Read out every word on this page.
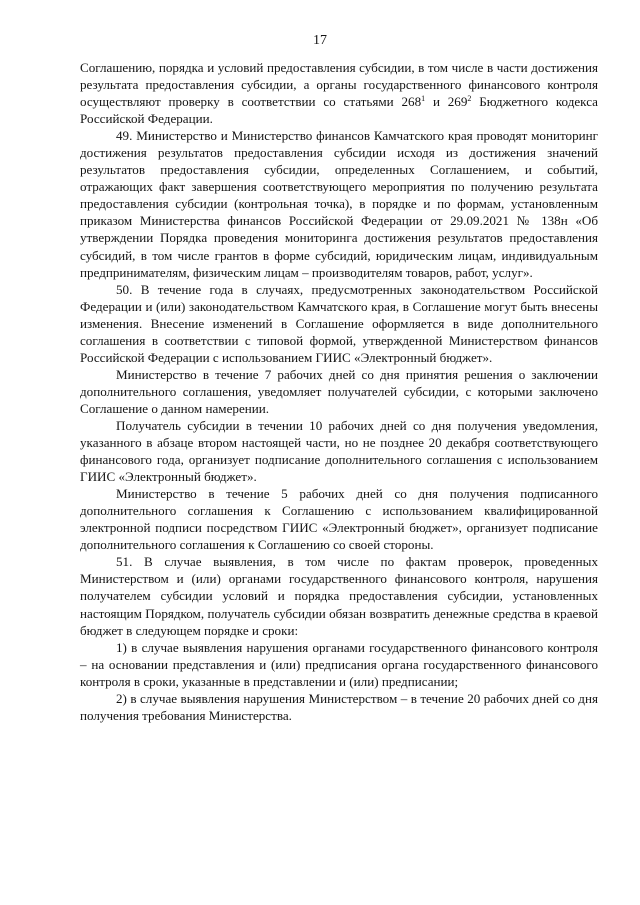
17

Соглашению, порядка и условий предоставления субсидии, в том числе в части достижения результата предоставления субсидии, а органы государственного финансового контроля осуществляют проверку в соответствии со статьями $268^1$ и $269^2$ Бюджетного кодекса Российской Федерации.

49. Министерство и Министерство финансов Камчатского края проводят мониторинг достижения результатов предоставления субсидии исходя из достижения значений результатов предоставления субсидии, определенных Соглашением, и событий, отражающих факт завершения соответствующего мероприятия по получению результата предоставления субсидии (контрольная точка), в порядке и по формам, установленным приказом Министерства финансов Российской Федерации от 29.09.2021 № 138н «Об утверждении Порядка проведения мониторинга достижения результатов предоставления субсидий, в том числе грантов в форме субсидий, юридическим лицам, индивидуальным предпринимателям, физическим лицам – производителям товаров, работ, услуг».

50. В течение года в случаях, предусмотренных законодательством Российской Федерации и (или) законодательством Камчатского края, в Соглашение могут быть внесены изменения. Внесение изменений в Соглашение оформляется в виде дополнительного соглашения в соответствии с типовой формой, утвержденной Министерством финансов Российской Федерации с использованием ГИИС «Электронный бюджет».

Министерство в течение 7 рабочих дней со дня принятия решения о заключении дополнительного соглашения, уведомляет получателей субсидии, с которыми заключено Соглашение о данном намерении.

Получатель субсидии в течении 10 рабочих дней со дня получения уведомления, указанного в абзаце втором настоящей части, но не позднее 20 декабря соответствующего финансового года, организует подписание дополнительного соглашения с использованием ГИИС «Электронный бюджет».

Министерство в течение 5 рабочих дней со дня получения подписанного дополнительного соглашения к Соглашению с использованием квалифицированной электронной подписи посредством ГИИС «Электронный бюджет», организует подписание дополнительного соглашения к Соглашению со своей стороны.

51. В случае выявления, в том числе по фактам проверок, проведенных Министерством и (или) органами государственного финансового контроля, нарушения получателем субсидии условий и порядка предоставления субсидии, установленных настоящим Порядком, получатель субсидии обязан возвратить денежные средства в краевой бюджет в следующем порядке и сроки:

1) в случае выявления нарушения органами государственного финансового контроля – на основании представления и (или) предписания органа государственного финансового контроля в сроки, указанные в представлении и (или) предписании;

2) в случае выявления нарушения Министерством – в течение 20 рабочих дней со дня получения требования Министерства.
